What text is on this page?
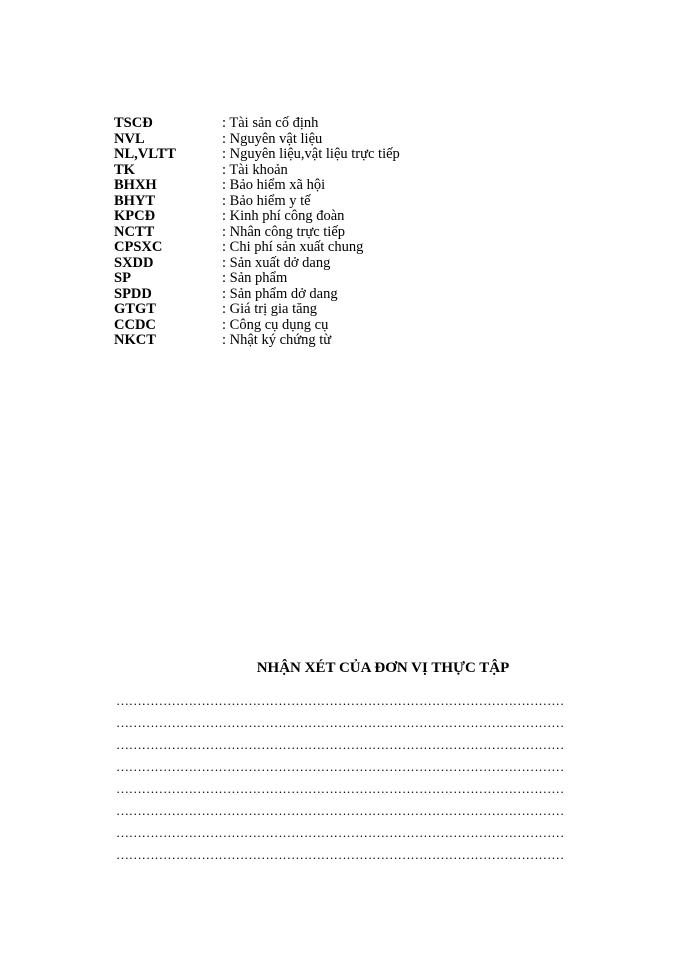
TSCĐ	: Tài sản cố định
NVL	: Nguyên vật liệu
NL,VLTT	: Nguyên liệu,vật liệu trực tiếp
TK	: Tài khoản
BHXH	: Bảo hiểm xã hội
BHYT	: Bảo hiểm y tế
KPCĐ	: Kinh phí công đoàn
NCTT	: Nhân công trực tiếp
CPSXC	: Chi phí sản xuất chung
SXDD	: Sản xuất dở dang
SP	: Sản phẩm
SPDD	: Sản phẩm dở dang
GTGT	: Giá trị gia tăng
CCDC	: Công cụ dụng cụ
NKCT	: Nhật ký chứng từ
NHẬN XÉT CỦA ĐƠN VỊ THỰC TẬP
……………………………………………………………………………………………
……………………………………………………………………………………………
……………………………………………………………………………………………
……………………………………………………………………………………………
……………………………………………………………………………………………
……………………………………………………………………………………………
……………………………………………………………………………………………
……………………………………………………………………………………………
